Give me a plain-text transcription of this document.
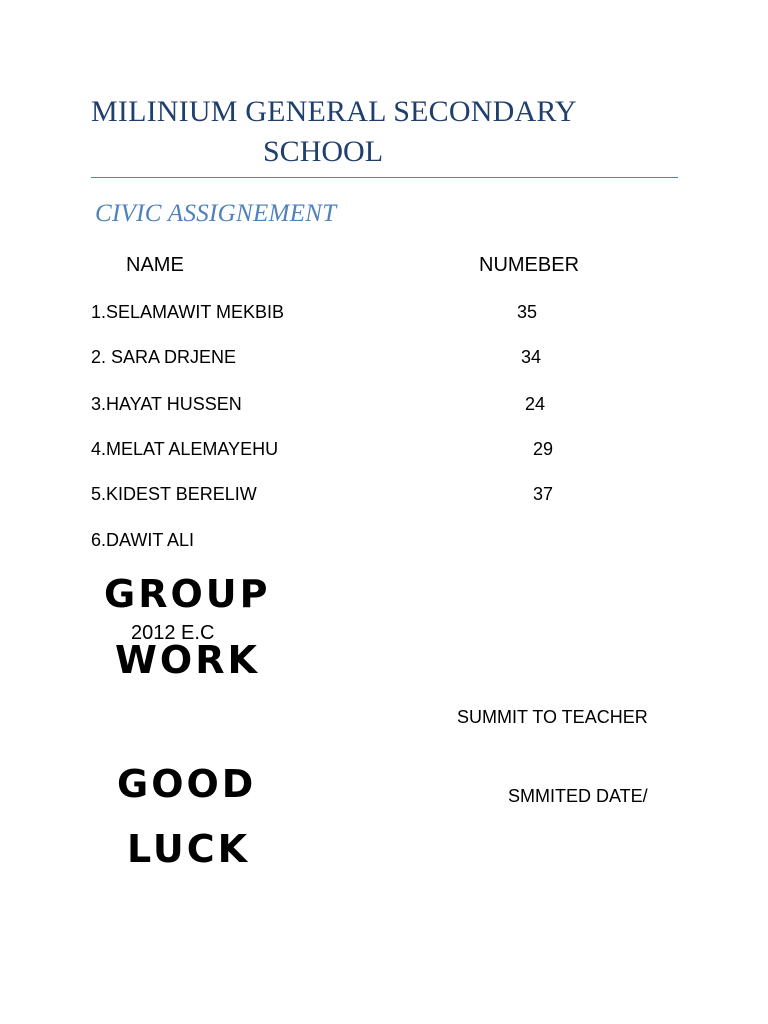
MILINIUM GENERAL SECONDARY
SCHOOL
CIVIC ASSIGNEMENT
NAME	NUMEBER
1.SELAMAWIT MEKBIB	35
2. SARA DRJENE	34
3.HAYAT HUSSEN	24
4.MELAT ALEMAYEHU	29
5.KIDEST BERELIW	37
6.DAWIT ALI
GROUP
2012 E.C
WORK
SUMMIT TO TEACHER
GOOD	SMMITED DATE/
LUCK
